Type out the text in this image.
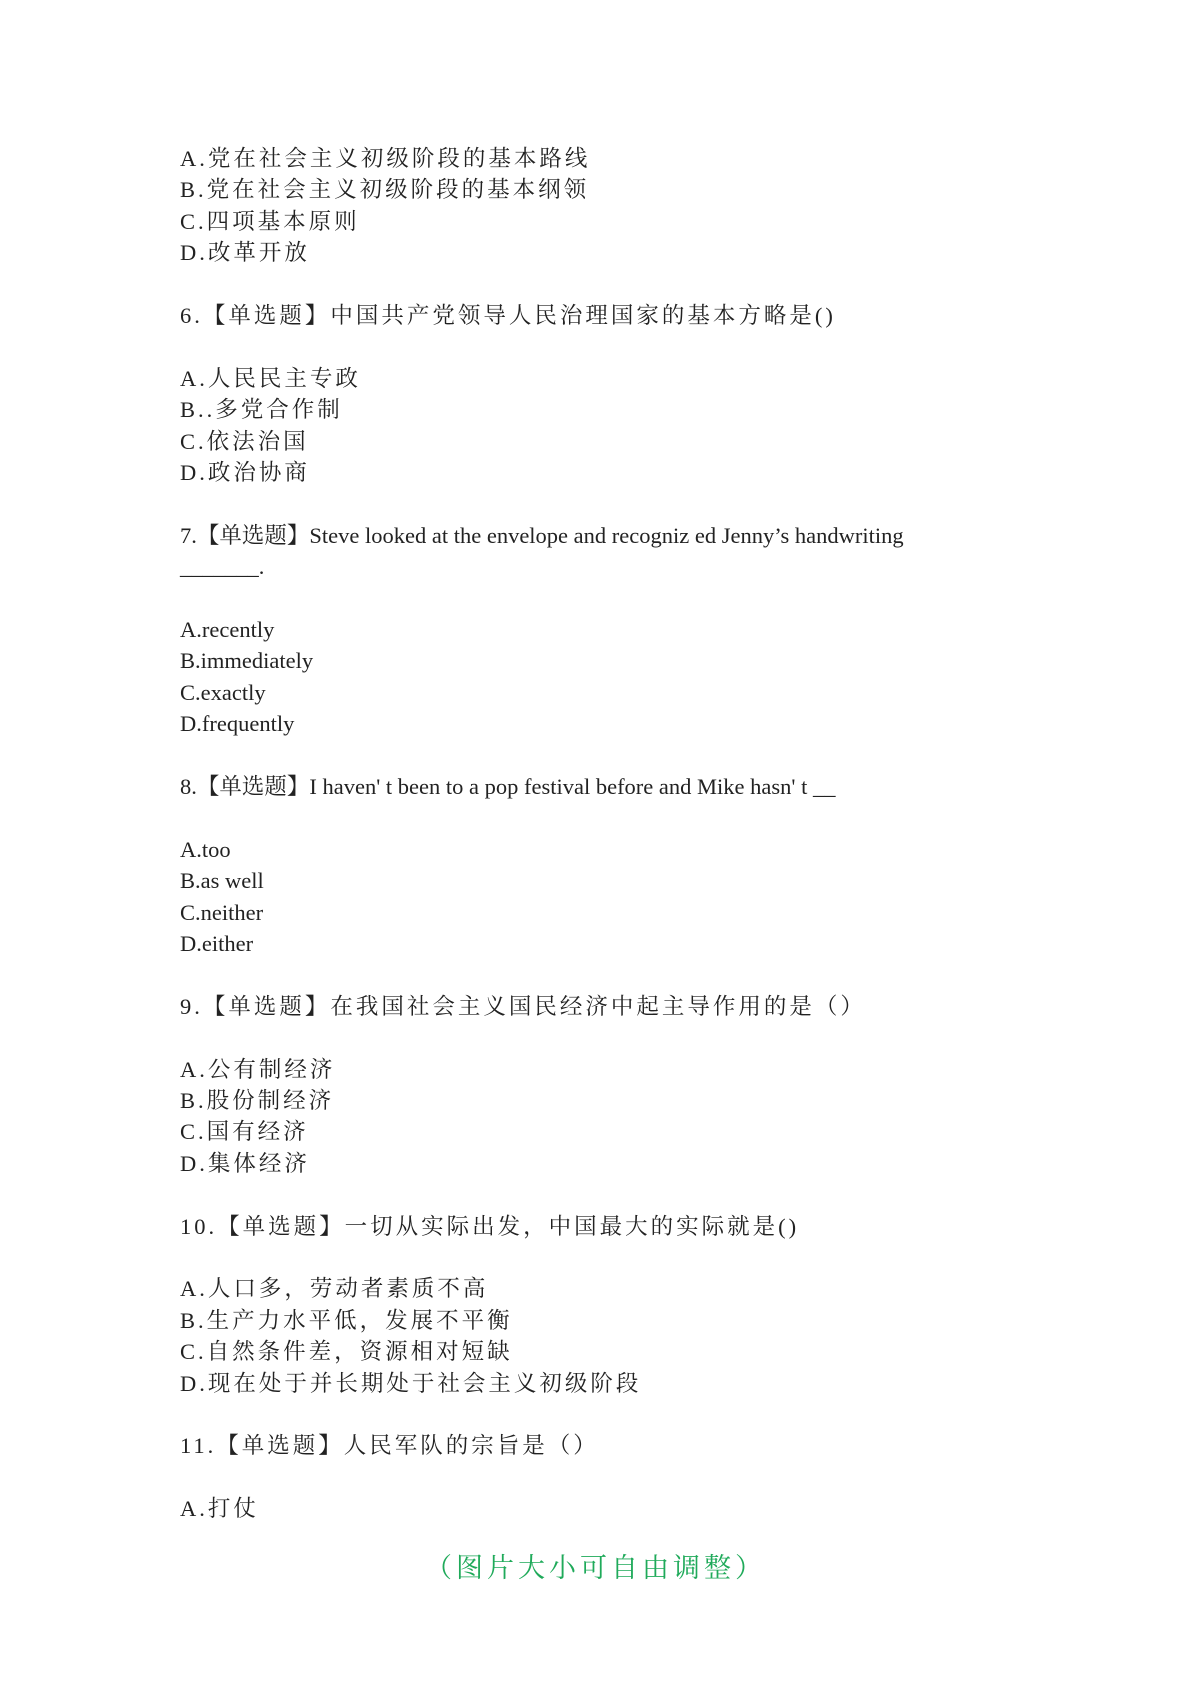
A.党在社会主义初级阶段的基本路线
B.党在社会主义初级阶段的基本纲领
C.四项基本原则
D.改革开放
6.【单选题】中国共产党领导人民治理国家的基本方略是()
A.人民民主专政
B..多党合作制
C.依法治国
D.政治协商
7.【单选题】Steve looked at the envelope and recogniz ed Jenny’s handwriting _______.
A.recently
B.immediately
C.exactly
D.frequently
8.【单选题】I haven' t been to a pop festival before and Mike hasn' t __
A.too
B.as well
C.neither
D.either
9.【单选题】在我国社会主义国民经济中起主导作用的是（）
A.公有制经济
B.股份制经济
C.国有经济
D.集体经济
10.【单选题】一切从实际出发，中国最大的实际就是()
A.人口多，劳动者素质不高
B.生产力水平低，发展不平衡
C.自然条件差，资源相对短缺
D.现在处于并长期处于社会主义初级阶段
11.【单选题】人民军队的宗旨是（）
A.打仗
（图片大小可自由调整）
